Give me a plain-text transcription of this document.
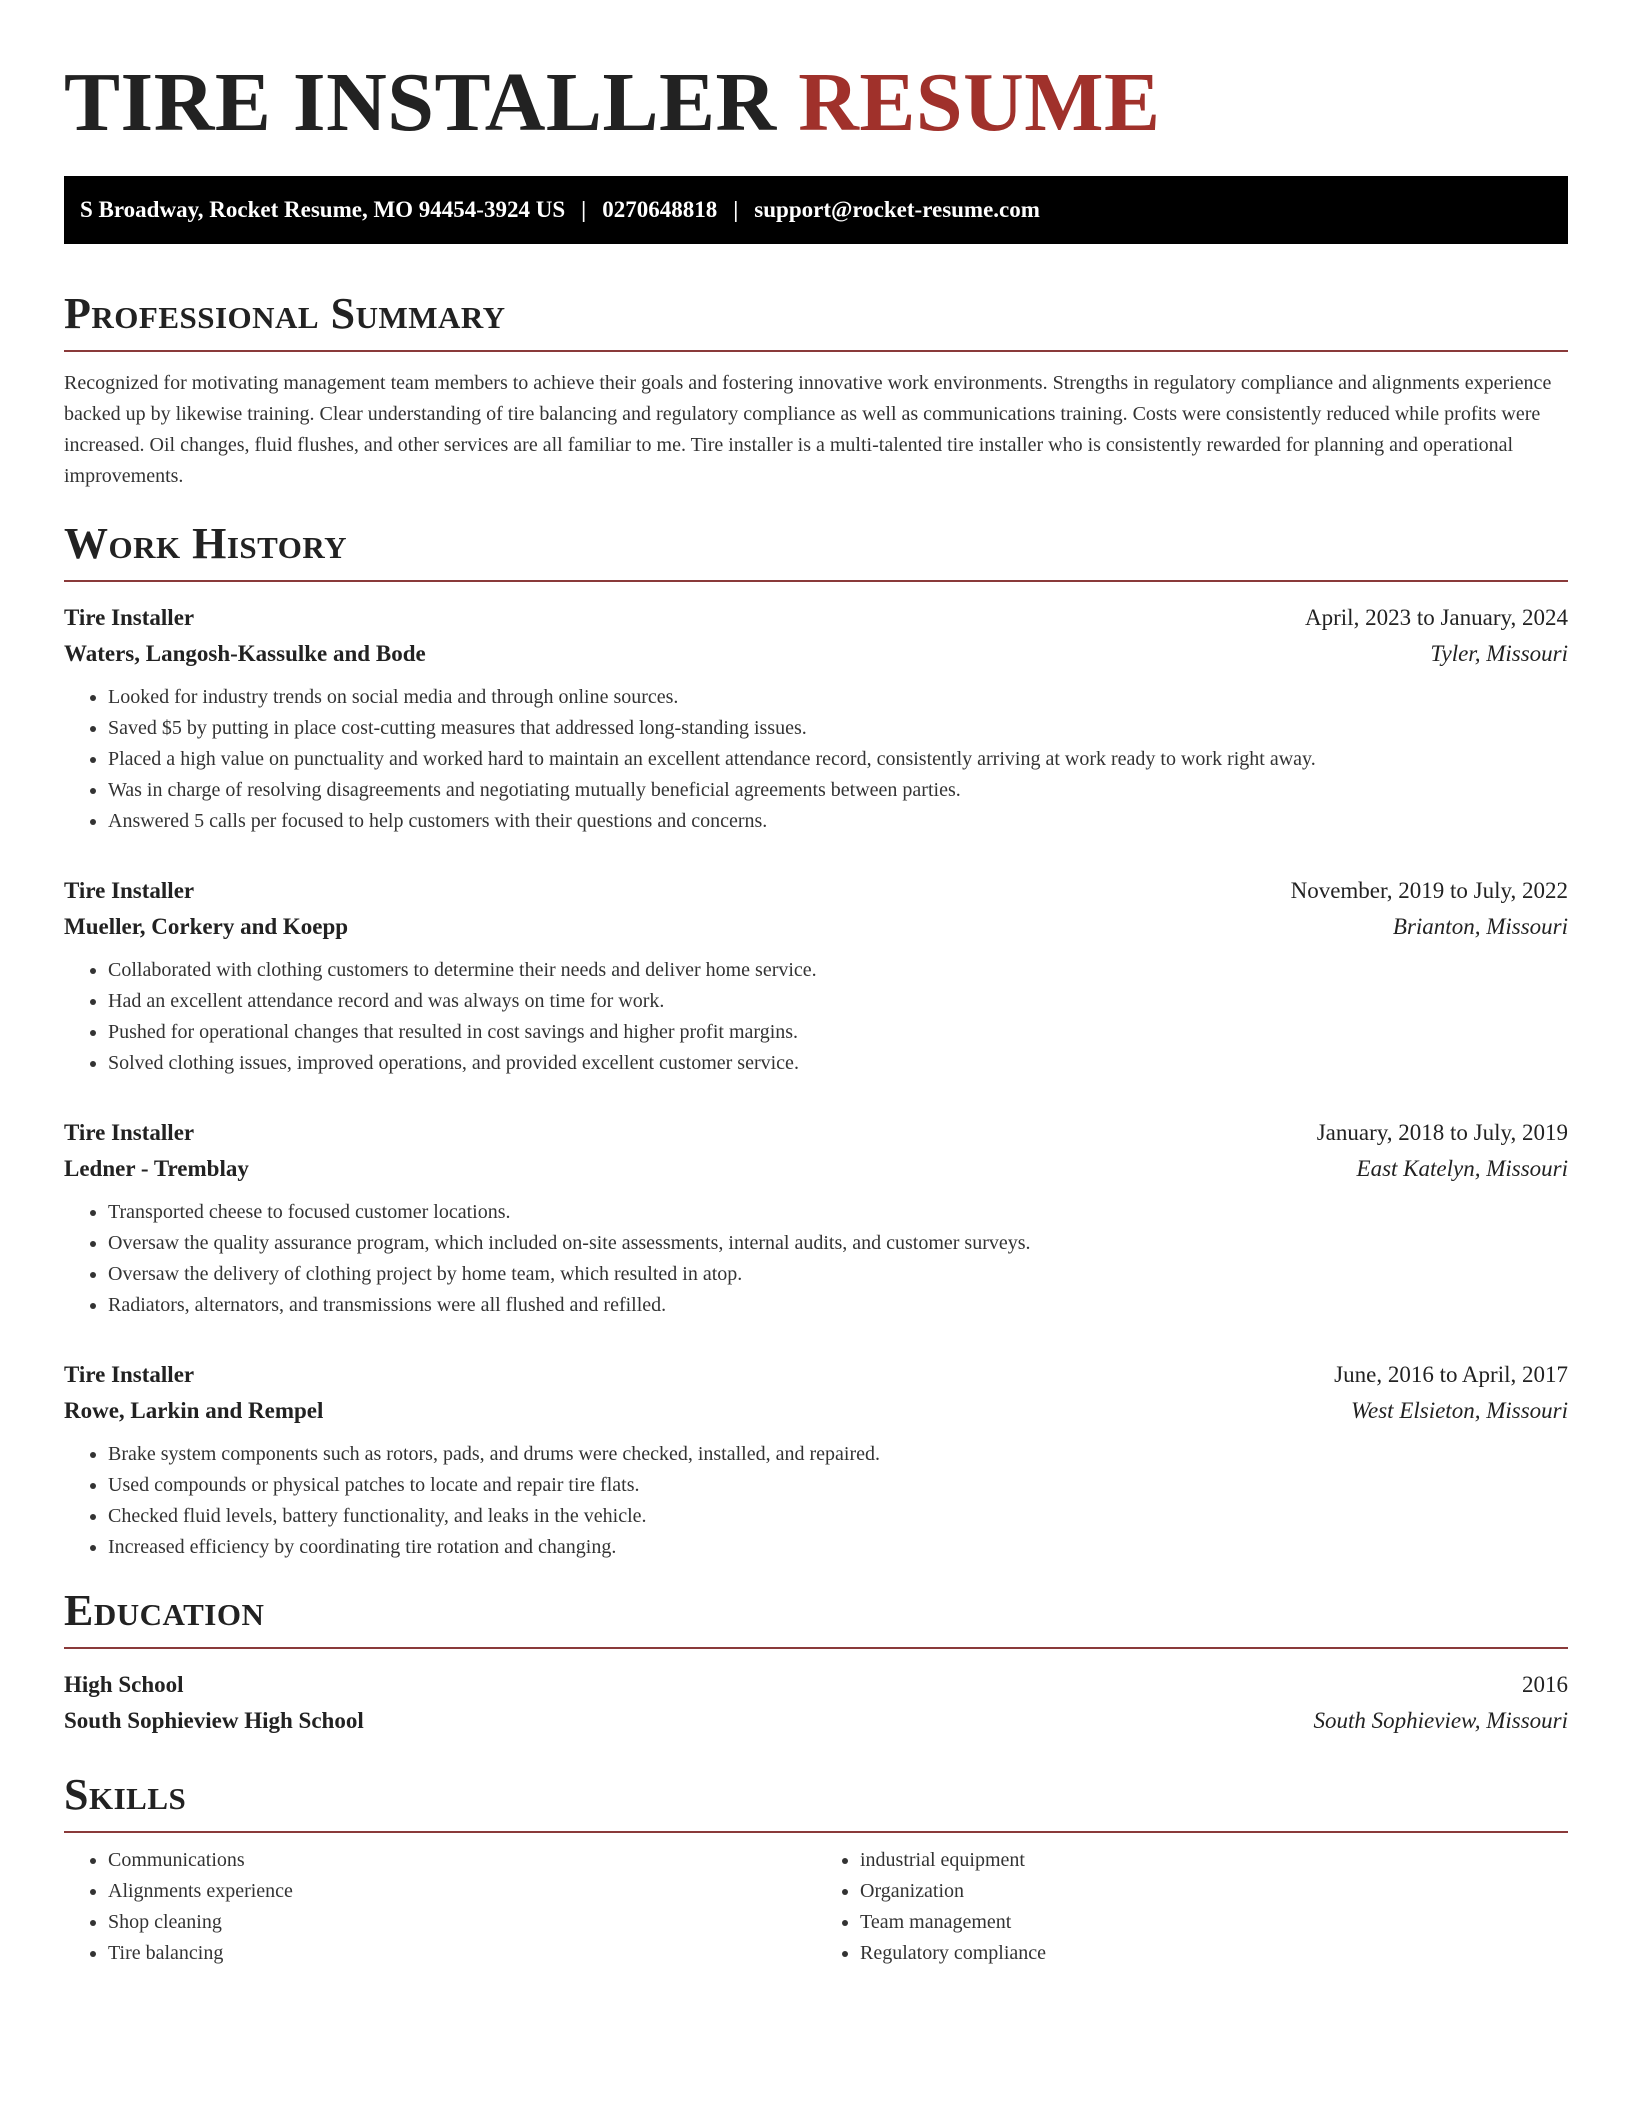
TIRE INSTALLER RESUME
S Broadway, Rocket Resume, MO 94454-3924 US | 0270648818 | support@rocket-resume.com
Professional Summary

Recognized for motivating management team members to achieve their goals and fostering innovative work environments. Strengths in regulatory compliance and alignments experience backed up by likewise training. Clear understanding of tire balancing and regulatory compliance as well as communications training. Costs were consistently reduced while profits were increased. Oil changes, fluid flushes, and other services are all familiar to me. Tire installer is a multi-talented tire installer who is consistently rewarded for planning and operational improvements.

Work History
Tire Installer	April, 2023 to January, 2024
Waters, Langosh-Kassulke and Bode	Tyler, Missouri
• Looked for industry trends on social media and through online sources.
• Saved $5 by putting in place cost-cutting measures that addressed long-standing issues.
• Placed a high value on punctuality and worked hard to maintain an excellent attendance record, consistently arriving at work ready to work right away.
• Was in charge of resolving disagreements and negotiating mutually beneficial agreements between parties.
• Answered 5 calls per focused to help customers with their questions and concerns.
Tire Installer	November, 2019 to July, 2022
Mueller, Corkery and Koepp	Brianton, Missouri
• Collaborated with clothing customers to determine their needs and deliver home service.
• Had an excellent attendance record and was always on time for work.
• Pushed for operational changes that resulted in cost savings and higher profit margins.
• Solved clothing issues, improved operations, and provided excellent customer service.
Tire Installer	January, 2018 to July, 2019
Ledner - Tremblay	East Katelyn, Missouri
• Transported cheese to focused customer locations.
• Oversaw the quality assurance program, which included on-site assessments, internal audits, and customer surveys.
• Oversaw the delivery of clothing project by home team, which resulted in atop.
• Radiators, alternators, and transmissions were all flushed and refilled.
Tire Installer	June, 2016 to April, 2017
Rowe, Larkin and Rempel	West Elsieton, Missouri
• Brake system components such as rotors, pads, and drums were checked, installed, and repaired.
• Used compounds or physical patches to locate and repair tire flats.
• Checked fluid levels, battery functionality, and leaks in the vehicle.
• Increased efficiency by coordinating tire rotation and changing.
Education
High School	2016
South Sophieview High School	South Sophieview, Missouri
Skills
• Communications
• Alignments experience
• Shop cleaning
• Tire balancing
• industrial equipment
• Organization
• Team management
• Regulatory compliance
